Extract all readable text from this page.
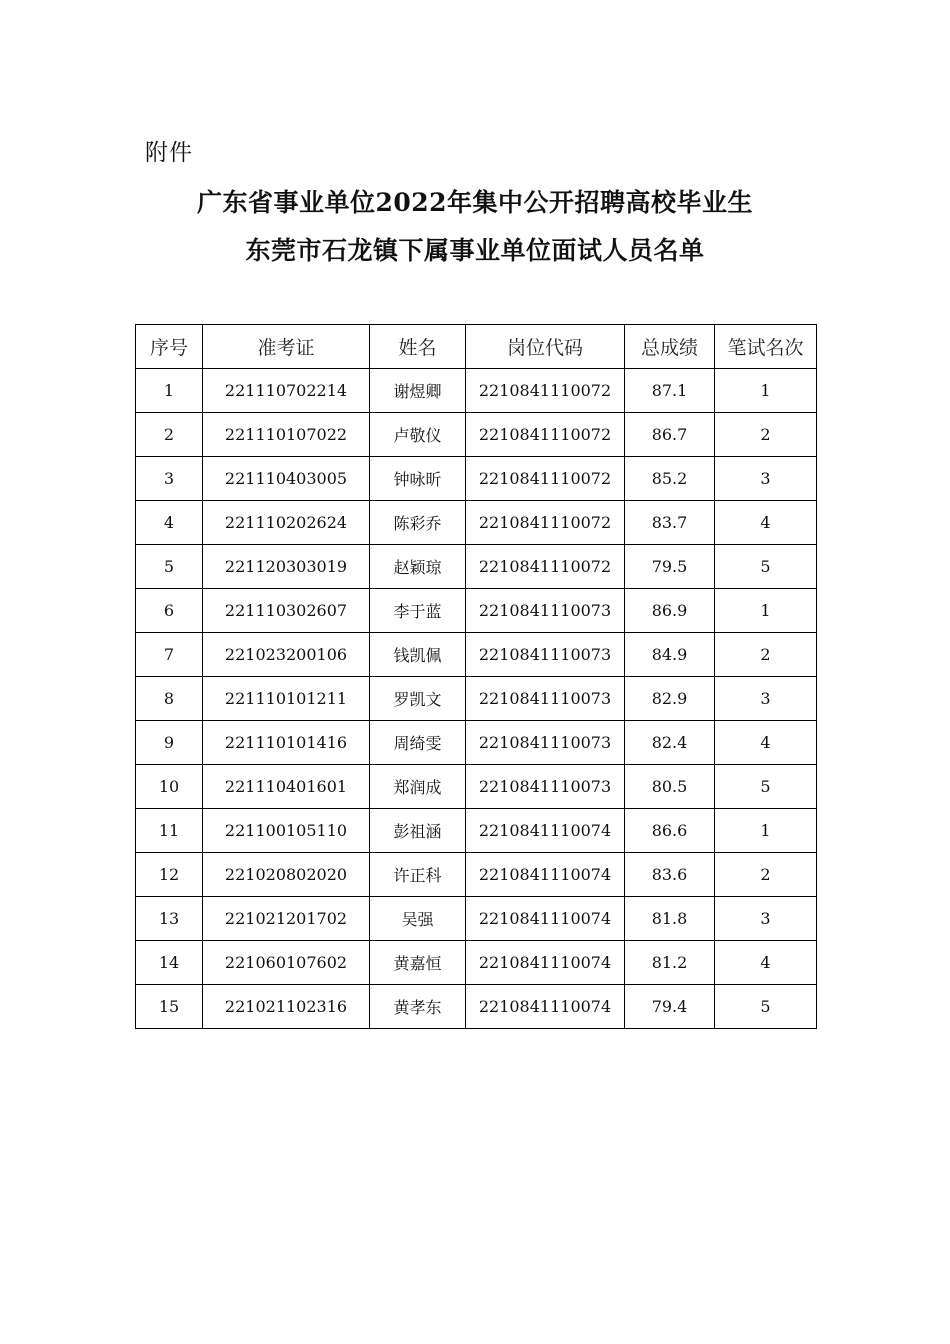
附件
广东省事业单位2022年集中公开招聘高校毕业生
东莞市石龙镇下属事业单位面试人员名单
序号	准考证	姓名	岗位代码	总成绩	笔试名次
1	221110702214	谢煜卿	2210841110072	87.1	1
2	221110107022	卢敬仪	2210841110072	86.7	2
3	221110403005	钟咏昕	2210841110072	85.2	3
4	221110202624	陈彩乔	2210841110072	83.7	4
5	221120303019	赵颖琼	2210841110072	79.5	5
6	221110302607	李于蓝	2210841110073	86.9	1
7	221023200106	钱凯佩	2210841110073	84.9	2
8	221110101211	罗凯文	2210841110073	82.9	3
9	221110101416	周绮雯	2210841110073	82.4	4
10	221110401601	郑润成	2210841110073	80.5	5
11	221100105110	彭祖涵	2210841110074	86.6	1
12	221020802020	许正科	2210841110074	83.6	2
13	221021201702	吴强	2210841110074	81.8	3
14	221060107602	黄嘉恒	2210841110074	81.2	4
15	221021102316	黄孝东	2210841110074	79.4	5
